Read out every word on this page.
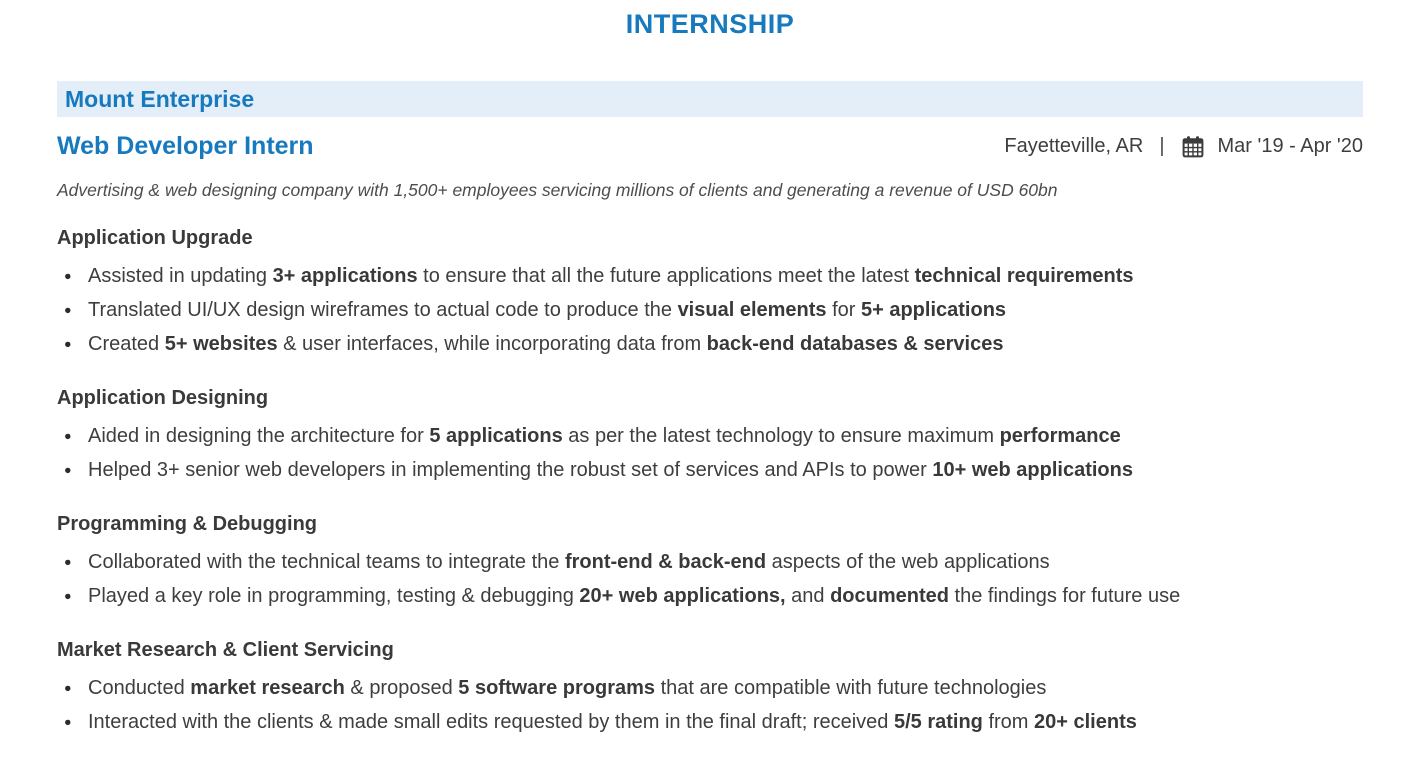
INTERNSHIP
Mount Enterprise
Web Developer Intern	Fayetteville, AR |	Mar '19 - Apr '20
Advertising & web designing company with 1,500+ employees servicing millions of clients and generating a revenue of USD 60bn
Application Upgrade
● Assisted in updating 3+ applications to ensure that all the future applications meet the latest technical requirements
● Translated UI/UX design wireframes to actual code to produce the visual elements for 5+ applications
● Created 5+ websites & user interfaces, while incorporating data from back-end databases & services
Application Designing
● Aided in designing the architecture for 5 applications as per the latest technology to ensure maximum performance
● Helped 3+ senior web developers in implementing the robust set of services and APIs to power 10+ web applications
Programming & Debugging
● Collaborated with the technical teams to integrate the front-end & back-end aspects of the web applications
● Played a key role in programming, testing & debugging 20+ web applications, and documented the findings for future use
Market Research & Client Servicing
● Conducted market research & proposed 5 software programs that are compatible with future technologies
● Interacted with the clients & made small edits requested by them in the final draft; received 5/5 rating from 20+ clients
